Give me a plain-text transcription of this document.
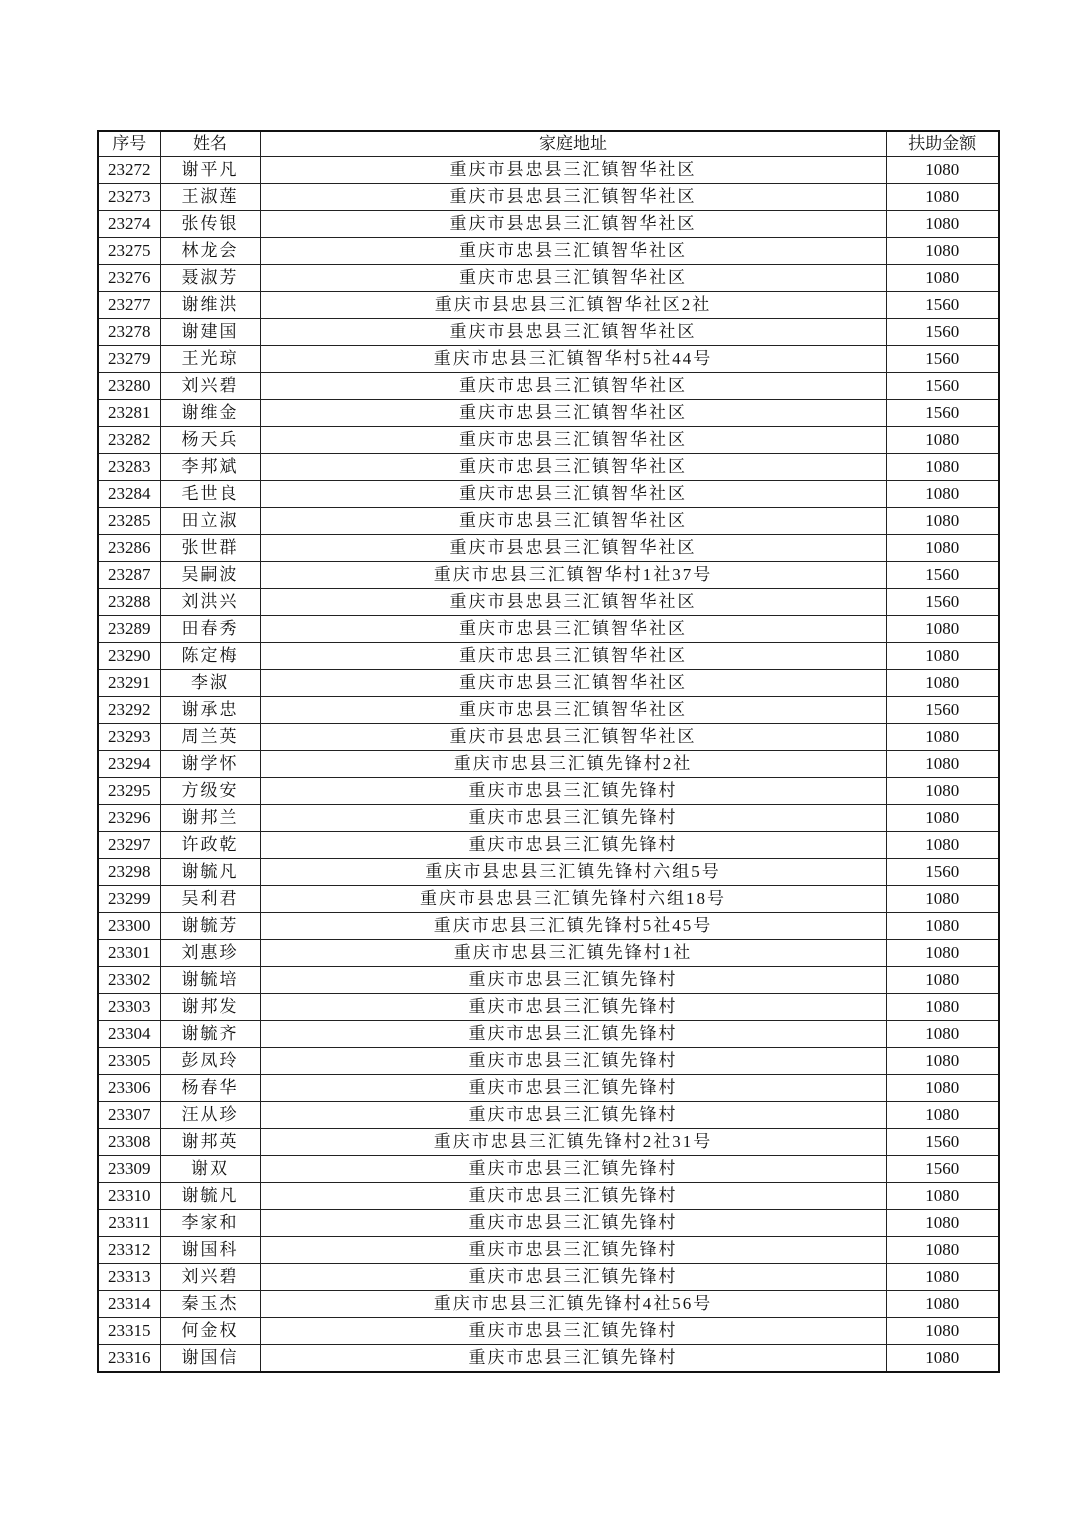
序号	姓名	家庭地址	扶助金额
23272	谢平凡	重庆市县忠县三汇镇智华社区	1080
23273	王淑莲	重庆市县忠县三汇镇智华社区	1080
23274	张传银	重庆市县忠县三汇镇智华社区	1080
23275	林龙会	重庆市忠县三汇镇智华社区	1080
23276	聂淑芳	重庆市忠县三汇镇智华社区	1080
23277	谢维洪	重庆市县忠县三汇镇智华社区2社	1560
23278	谢建国	重庆市县忠县三汇镇智华社区	1560
23279	王光琼	重庆市忠县三汇镇智华村5社44号	1560
23280	刘兴碧	重庆市忠县三汇镇智华社区	1560
23281	谢维金	重庆市忠县三汇镇智华社区	1560
23282	杨天兵	重庆市忠县三汇镇智华社区	1080
23283	李邦斌	重庆市忠县三汇镇智华社区	1080
23284	毛世良	重庆市忠县三汇镇智华社区	1080
23285	田立淑	重庆市忠县三汇镇智华社区	1080
23286	张世群	重庆市县忠县三汇镇智华社区	1080
23287	吴嗣波	重庆市忠县三汇镇智华村1社37号	1560
23288	刘洪兴	重庆市县忠县三汇镇智华社区	1560
23289	田春秀	重庆市忠县三汇镇智华社区	1080
23290	陈定梅	重庆市忠县三汇镇智华社区	1080
23291	李淑	重庆市忠县三汇镇智华社区	1080
23292	谢承忠	重庆市忠县三汇镇智华社区	1560
23293	周兰英	重庆市县忠县三汇镇智华社区	1080
23294	谢学怀	重庆市忠县三汇镇先锋村2社	1080
23295	方级安	重庆市忠县三汇镇先锋村	1080
23296	谢邦兰	重庆市忠县三汇镇先锋村	1080
23297	许政乾	重庆市忠县三汇镇先锋村	1080
23298	谢毓凡	重庆市县忠县三汇镇先锋村六组5号	1560
23299	吴利君	重庆市县忠县三汇镇先锋村六组18号	1080
23300	谢毓芳	重庆市忠县三汇镇先锋村5社45号	1080
23301	刘惠珍	重庆市忠县三汇镇先锋村1社	1080
23302	谢毓培	重庆市忠县三汇镇先锋村	1080
23303	谢邦发	重庆市忠县三汇镇先锋村	1080
23304	谢毓齐	重庆市忠县三汇镇先锋村	1080
23305	彭凤玲	重庆市忠县三汇镇先锋村	1080
23306	杨春华	重庆市忠县三汇镇先锋村	1080
23307	汪从珍	重庆市忠县三汇镇先锋村	1080
23308	谢邦英	重庆市忠县三汇镇先锋村2社31号	1560
23309	谢双	重庆市忠县三汇镇先锋村	1560
23310	谢毓凡	重庆市忠县三汇镇先锋村	1080
23311	李家和	重庆市忠县三汇镇先锋村	1080
23312	谢国科	重庆市忠县三汇镇先锋村	1080
23313	刘兴碧	重庆市忠县三汇镇先锋村	1080
23314	秦玉杰	重庆市忠县三汇镇先锋村4社56号	1080
23315	何金权	重庆市忠县三汇镇先锋村	1080
23316	谢国信	重庆市忠县三汇镇先锋村	1080
